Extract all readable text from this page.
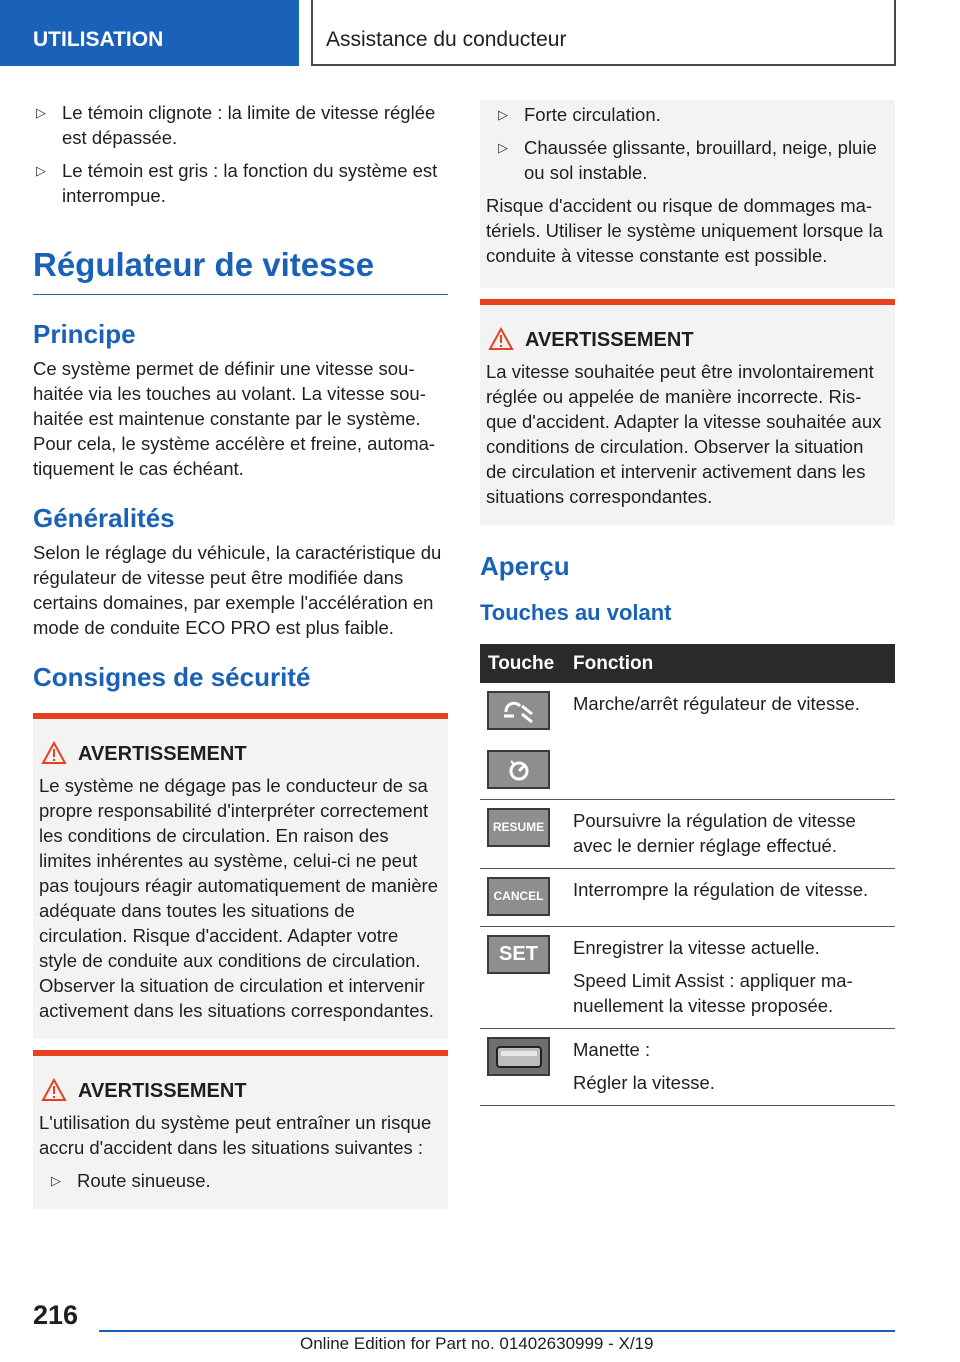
UTILISATION	Assistance du conducteur
▷ Le témoin clignote : la limite de vitesse réglée est dépassée.
▷ Le témoin est gris : la fonction du système est interrompue.
Régulateur de vitesse
Principe
Ce système permet de définir une vitesse souhaitée via les touches au volant. La vitesse souhaitée est maintenue constante par le système. Pour cela, le système accélère et freine, automatiquement le cas échéant.
Généralités
Selon le réglage du véhicule, la caractéristique du régulateur de vitesse peut être modifiée dans certains domaines, par exemple l'accélération en mode de conduite ECO PRO est plus faible.
Consignes de sécurité
AVERTISSEMENT
Le système ne dégage pas le conducteur de sa propre responsabilité d'interpréter correctement les conditions de circulation. En raison des limites inhérentes au système, celui-ci ne peut pas toujours réagir automatiquement de manière adéquate dans toutes les situations de circulation. Risque d'accident. Adapter votre style de conduite aux conditions de circulation. Observer la situation de circulation et intervenir activement dans les situations correspondantes.
AVERTISSEMENT
L'utilisation du système peut entraîner un risque accru d'accident dans les situations suivantes :
▷ Route sinueuse.
▷ Forte circulation.
▷ Chaussée glissante, brouillard, neige, pluie ou sol instable.
Risque d'accident ou risque de dommages matériels. Utiliser le système uniquement lorsque la conduite à vitesse constante est possible.
AVERTISSEMENT
La vitesse souhaitée peut être involontairement réglée ou appelée de manière incorrecte. Risque d'accident. Adapter la vitesse souhaitée aux conditions de circulation. Observer la situation de circulation et intervenir activement dans les situations correspondantes.
Aperçu
Touches au volant
Touche	Fonction

Marche/arrêt régulateur de vitesse.

RESUME	Poursuivre la régulation de vitesse avec le dernier réglage effectué.

CANCEL	Interrompre la régulation de vitesse.

SET	Enregistrer la vitesse actuelle.
Speed Limit Assist : appliquer manuellement la vitesse proposée.

Manette :
Régler la vitesse.
216
Online Edition for Part no. 01402630999 - X/19
